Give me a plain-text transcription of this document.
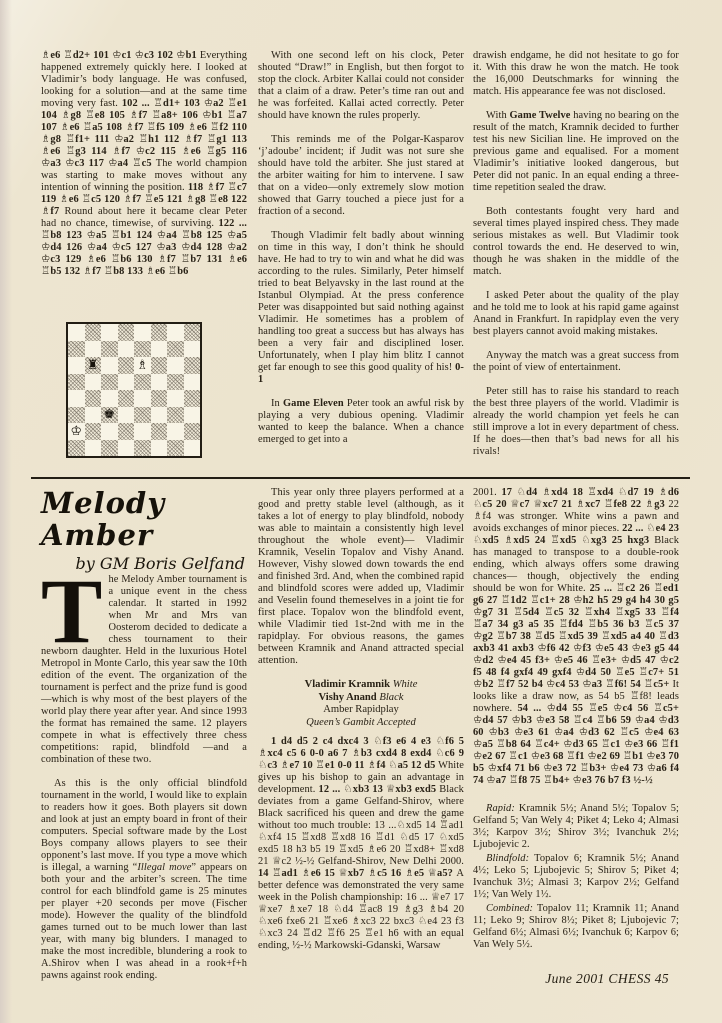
♗e6 ♖d2+ 101 ♔c1 ♔c3 102 ♔b1 Everything happened extremely quickly here. I looked at Vladimir’s body language. He was confused, looking for a solution—and at the same time moving very fast. 102 ... ♖d1+ 103 ♔a2 ♖e1 104 ♗g8 ♖e8 105 ♗f7 ♖a8+ 106 ♔b1 ♖a7 107 ♗e6 ♖a5 108 ♗f7 ♖f5 109 ♗e6 ♖f2 110 ♗g8 ♖f1+ 111 ♔a2 ♖h1 112 ♗f7 ♖g1 113 ♗e6 ♖g3 114 ♗f7 ♔c2 115 ♗e6 ♖g5 116 ♔a3 ♔c3 117 ♔a4 ♖c5 The world champion was starting to make moves without any intention of winning the position. 118 ♗f7 ♖c7 119 ♗e6 ♖c5 120 ♗f7 ♖e5 121 ♗g8 ♖e8 122 ♗f7 Round about here it became clear Peter had no chance, timewise, of surviving. 122 ... ♖b8 123 ♔a5 ♖b1 124 ♔a4 ♖b8 125 ♔a5 ♔d4 126 ♔a4 ♔c5 127 ♔a3 ♔d4 128 ♔a2 ♔c3 129 ♗e6 ♖b6 130 ♗f7 ♖b7 131 ♗e6 ♖b5 132 ♗f7 ♖b8 133 ♗e6 ♖b6

♜	♗
♚
♔

With one second left on his clock, Peter shouted “Draw!” in English, but then forgot to stop the clock. Arbiter Kallai could not consider that a claim of a draw. Peter’s time ran out and he was forfeited. Kallai acted correctly. Peter should have known the rules properly.

This reminds me of the Polgar-Kasparov ‘j’adoube’ incident; if Judit was not sure she should have told the arbiter. She just stared at the arbiter waiting for him to intervene. I saw that on a video—only extremely slow motion showed that Garry touched a piece just for a fraction of a second.

Though Vladimir felt badly about winning on time in this way, I don’t think he should have. He had to try to win and what he did was according to the rules. Similarly, Peter himself tried to beat Belyavsky in the last round at the Istanbul Olympiad. At the press conference Peter was disappointed but said nothing against Vladimir. He sometimes has a problem of handling too great a success but has always has been a very fair and disciplined loser. Unfortunately, when I play him blitz I cannot get far enough to see this good quality of his! 0-1

In Game Eleven Peter took an awful risk by playing a very dubious opening. Vladimir wanted to keep the balance. When a chance emerged to get into a

drawish endgame, he did not hesitate to go for it. With this draw he won the match. He took the 16,000 Deutschmarks for winning the match. His appearance fee was not disclosed.

With Game Twelve having no bearing on the result of the match, Kramnik decided to further test his new Sicilian line. He improved on the previous game and equalised. For a moment Vladimir’s initiative looked dangerous, but Peter did not panic. In an equal ending a three-time repetition sealed the draw.

Both contestants fought very hard and several times played inspired chess. They made serious mistakes as well. But Vladimir took control towards the end. He deserved to win, though he was shaken in the middle of the match.

I asked Peter about the quality of the play and he told me to look at his rapid game against Anand in Frankfurt. In rapidplay even the very best players cannot avoid making mistakes.

Anyway the match was a great success from the point of view of entertainment.

Peter still has to raise his standard to reach the best three players of the world. Vladimir is already the world champion yet feels he can still improve a lot in every department of chess. If he does—then that’s bad news for all his rivals!

Melody Amber
by GM Boris Gelfand

The Melody Amber tournament is a unique event in the chess calendar. It started in 1992 when Mr and Mrs van Oosterom decided to dedicate a chess tournament to their newborn daughter. Held in the luxurious Hotel Metropol in Monte Carlo, this year saw the 10th edition of the event. The organization of the tournament is perfect and the prize fund is good—which is why most of the best players of the world play there year after year. And since 1993 the format has remained the same. 12 players compete in what is effectively three chess competitions: rapid, blindfold —and a combination of these two.

As this is the only official blindfold tournament in the world, I would like to explain to readers how it goes. Both players sit down and look at just an empty board in front of their computers. Special software made by the Lost Boys company allows players to see their opponent’s last move. If you type a move which is illegal, a warning “Illegal move” appears on both your and the arbiter’s screen. The time control for each blindfold game is 25 minutes per player +20 seconds per move (Fischer mode). However the quality of the blindfold games turned out to be much lower than last year, with many big blunders. I managed to make the most incredible, blundering a rook to A.Shirov when I was ahead in a rook+f+h pawns against rook ending.

This year only three players performed at a good and pretty stable level (although, as it takes a lot of energy to play blindfold, nobody was able to maintain a consistently high level throughout the whole event)— Vladimir Kramnik, Veselin Topalov and Vishy Anand. However, Vishy slowed down towards the end and finished 3rd. And, when the combined rapid and blindfold scores were added up, Vladimir and Veselin found themeselves in a joint tie for first place. Topalov won the blindfold event, while Vladimir tied 1st-2nd with me in the rapidplay. For obvious reasons, the games between Kramnik and Anand attracted special attention.

Vladimir Kramnik White
Vishy Anand Black
Amber Rapidplay
Queen’s Gambit Accepted

1 d4 d5 2 c4 dxc4 3 ♘f3 e6 4 e3 ♘f6 5 ♗xc4 c5 6 0-0 a6 7 ♗b3 cxd4 8 exd4 ♘c6 9 ♘c3 ♗e7 10 ♖e1 0-0 11 ♗f4 ♘a5 12 d5 White gives up his bishop to gain an advantage in development. 12 ... ♘xb3 13 ♕xb3 exd5 Black deviates from a game Gelfand-Shirov, where Black sacrificed his queen and drew the game without too much trouble: 13 ...♘xd5 14 ♖ad1 ♘xf4 15 ♖xd8 ♖xd8 16 ♖d1 ♘d5 17 ♘xd5 exd5 18 h3 b5 19 ♖xd5 ♗e6 20 ♖xd8+ ♖xd8 21 ♕c2 ½-½ Gelfand-Shirov, New Delhi 2000. 14 ♖ad1 ♗e6 15 ♕xb7 ♗c5 16 ♗e5 ♕a5? A better defence was demonstrated the very same week in the Polish championship: 16 ... ♕e7 17 ♕xe7 ♗xe7 18 ♘d4 ♖ac8 19 ♗g3 ♗b4 20 ♘xe6 fxe6 21 ♖xe6 ♗xc3 22 bxc3 ♘e4 23 f3 ♘xc3 24 ♖d2 ♖f6 25 ♖e1 h6 with an equal ending, ½-½ Markowski-Gdanski, Warsaw

2001. 17 ♘d4 ♗xd4 18 ♖xd4 ♘d7 19 ♗d6 ♘c5 20 ♕c7 ♕xc7 21 ♗xc7 ♖fe8 22 ♗g3 22 ♗f4 was stronger. White wins a pawn and avoids exchanges of minor pieces. 22 ... ♘e4 23 ♘xd5 ♗xd5 24 ♖xd5 ♘xg3 25 hxg3 Black has managed to transpose to a double-rook ending, which always offers some drawing chances— though, objectively the ending should be won for White. 25 ... ♖c2 26 ♖ed1 g6 27 ♖1d2 ♖c1+ 28 ♔h2 h5 29 g4 h4 30 g5 ♔g7 31 ♖5d4 ♖c5 32 ♖xh4 ♖xg5 33 ♖f4 ♖a7 34 g3 a5 35 ♖fd4 ♖b5 36 b3 ♖c5 37 ♔g2 ♖b7 38 ♖d5 ♖xd5 39 ♖xd5 a4 40 ♖d3 axb3 41 axb3 ♔f6 42 ♔f3 ♔e5 43 ♔e3 g5 44 ♔d2 ♔e4 45 f3+ ♔e5 46 ♖e3+ ♔d5 47 ♔c2 f5 48 f4 gxf4 49 gxf4 ♔d4 50 ♖e5 ♖c7+ 51 ♔b2 ♖f7 52 b4 ♔c4 53 ♔a3 ♖f6! 54 ♖c5+ It looks like a draw now, as 54 b5 ♖f8! leads nowhere. 54 ... ♔d4 55 ♖e5 ♔c4 56 ♖c5+ ♔d4 57 ♔b3 ♔e3 58 ♖c4 ♖b6 59 ♔a4 ♔d3 60 ♔b3 ♔e3 61 ♔a4 ♔d3 62 ♖c5 ♔e4 63 ♔a5 ♖b8 64 ♖c4+ ♔d3 65 ♖c1 ♔e3 66 ♖f1 ♔e2 67 ♖c1 ♔e3 68 ♖f1 ♔e2 69 ♖b1 ♔e3 70 b5 ♔xf4 71 b6 ♔e3 72 ♖b3+ ♔e4 73 ♔a6 f4 74 ♔a7 ♖f8 75 ♖b4+ ♔e3 76 b7 f3 ½-½

Rapid: Kramnik 5½; Anand 5½; Topalov 5; Gelfand 5; Van Wely 4; Piket 4; Leko 4; Almasi 3½; Karpov 3½; Shirov 3½; Ivanchuk 2½; Ljubojevic 2.

Blindfold: Topalov 6; Kramnik 5½; Anand 4½; Leko 5; Ljubojevic 5; Shirov 5; Piket 4; Ivanchuk 3½; Almasi 3; Karpov 2½; Gelfand 1½; Van Wely 1½.

Combined: Topalov 11; Kramnik 11; Anand 11; Leko 9; Shirov 8½; Piket 8; Ljubojevic 7; Gelfand 6½; Almasi 6½; Ivanchuk 6; Karpov 6; Van Wely 5½.

June 2001 CHESS 45
